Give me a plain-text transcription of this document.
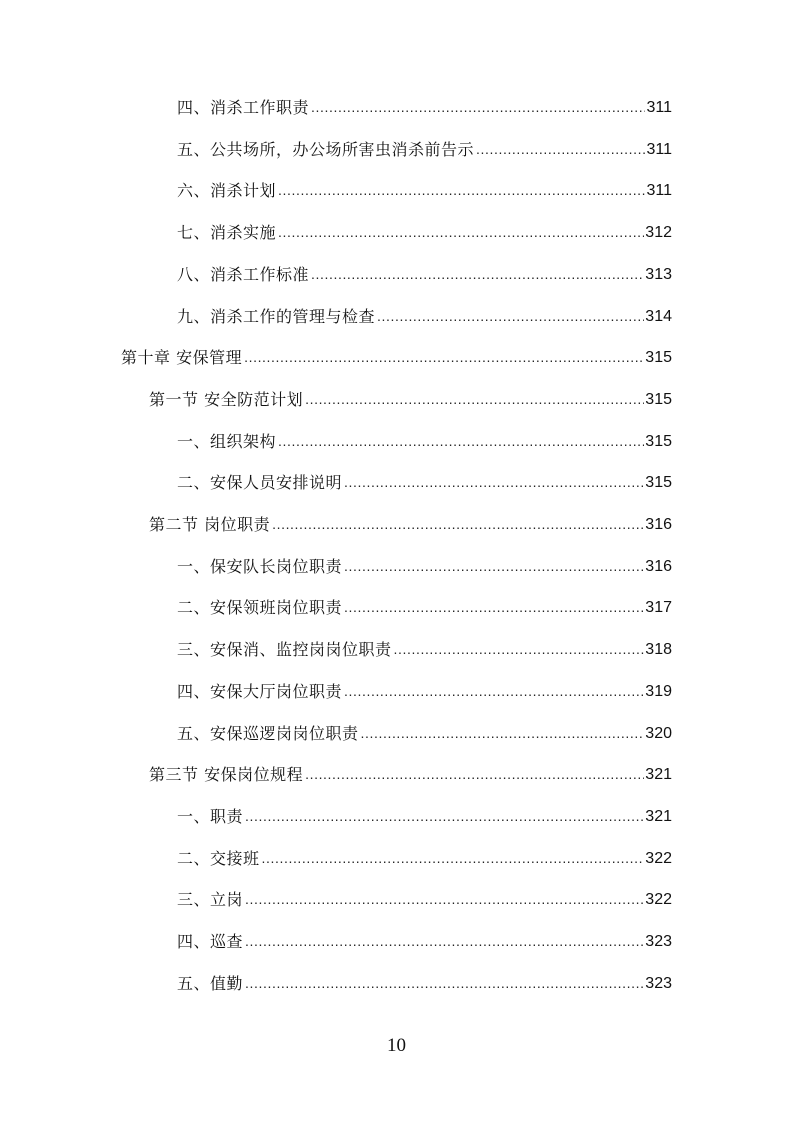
四、消杀工作职责 .....	311
五、公共场所，办公场所害虫消杀前告示 .....	311
六、消杀计划 .....	311
七、消杀实施 .....	312
八、消杀工作标准 .....	313
九、消杀工作的管理与检查 .....	314
第十章 安保管理 .....	315
第一节 安全防范计划 .....	315
一、组织架构 .....	315
二、安保人员安排说明 .....	315
第二节 岗位职责 .....	316
一、保安队长岗位职责 .....	316
二、安保领班岗位职责 .....	317
三、安保消、监控岗岗位职责 .....	318
四、安保大厅岗位职责 .....	319
五、安保巡逻岗岗位职责 .....	320
第三节 安保岗位规程 .....	321
一、职责 .....	321
二、交接班 .....	322
三、立岗 .....	322
四、巡查 .....	323
五、值勤 .....	323
10
